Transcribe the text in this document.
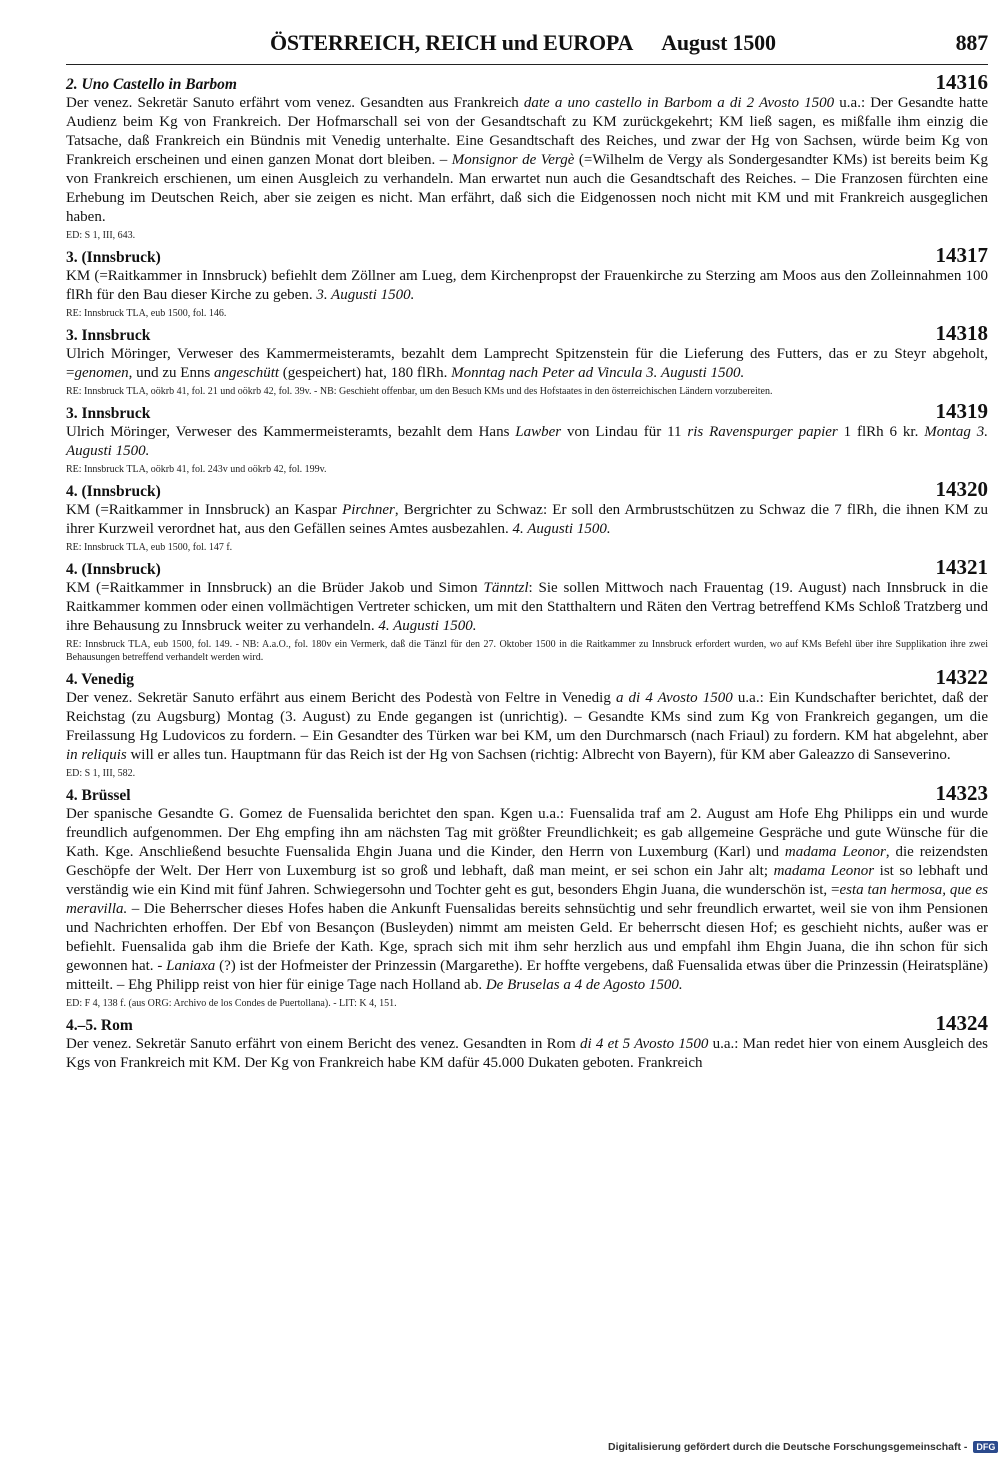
ÖSTERREICH, REICH und EUROPA August 1500	887
2. Uno Castello in Barbom	14316

Der venez. Sekretär Sanuto erfährt vom venez. Gesandten aus Frankreich date a uno castello in Barbom a di 2 Avosto 1500 u.a.: Der Gesandte hatte Audienz beim Kg von Frankreich. Der Hofmarschall sei von der Gesandtschaft zu KM zurückgekehrt; KM ließ sagen, es mißfalle ihm einzig die Tatsache, daß Frankreich ein Bündnis mit Venedig unterhalte. Eine Gesandtschaft des Reiches, und zwar der Hg von Sachsen, würde beim Kg von Frankreich erscheinen und einen ganzen Monat dort bleiben. – Monsignor de Vergè (=Wilhelm de Vergy als Sondergesandter KMs) ist bereits beim Kg von Frankreich erschienen, um einen Ausgleich zu verhandeln. Man erwartet nun auch die Gesandtschaft des Reiches. – Die Franzosen fürchten eine Erhebung im Deutschen Reich, aber sie zeigen es nicht. Man erfährt, daß sich die Eidgenossen noch nicht mit KM und mit Frankreich ausgeglichen haben.

ED: S 1, III, 643.
3. (Innsbruck)	14317

KM (=Raitkammer in Innsbruck) befiehlt dem Zöllner am Lueg, dem Kirchenpropst der Frauenkirche zu Sterzing am Moos aus den Zolleinnahmen 100 flRh für den Bau dieser Kirche zu geben. 3. Augusti 1500.

RE: Innsbruck TLA, eub 1500, fol. 146.
3. Innsbruck	14318

Ulrich Möringer, Verweser des Kammermeisteramts, bezahlt dem Lamprecht Spitzenstein für die Lieferung des Futters, das er zu Steyr abgeholt, =genomen, und zu Enns angeschütt (gespeichert) hat, 180 flRh. Monntag nach Peter ad Vincula 3. Augusti 1500.

RE: Innsbruck TLA, oökrb 41, fol. 21 und oökrb 42, fol. 39v. - NB: Geschieht offenbar, um den Besuch KMs und des Hofstaates in den österreichischen Ländern vorzubereiten.
3. Innsbruck	14319

Ulrich Möringer, Verweser des Kammermeisteramts, bezahlt dem Hans Lawber von Lindau für 11 ris Ravenspurger papier 1 flRh 6 kr. Montag 3. Augusti 1500.

RE: Innsbruck TLA, oökrb 41, fol. 243v und oökrb 42, fol. 199v.
4. (Innsbruck)	14320

KM (=Raitkammer in Innsbruck) an Kaspar Pirchner, Bergrichter zu Schwaz: Er soll den Armbrustschützen zu Schwaz die 7 flRh, die ihnen KM zu ihrer Kurzweil verordnet hat, aus den Gefällen seines Amtes ausbezahlen. 4. Augusti 1500.

RE: Innsbruck TLA, eub 1500, fol. 147 f.
4. (Innsbruck)	14321

KM (=Raitkammer in Innsbruck) an die Brüder Jakob und Simon Tänntzl: Sie sollen Mittwoch nach Frauentag (19. August) nach Innsbruck in die Raitkammer kommen oder einen vollmächtigen Vertreter schicken, um mit den Statthaltern und Räten den Vertrag betreffend KMs Schloß Tratzberg und ihre Behausung zu Innsbruck weiter zu verhandeln. 4. Augusti 1500.

RE: Innsbruck TLA, eub 1500, fol. 149. - NB: A.a.O., fol. 180v ein Vermerk, daß die Tänzl für den 27. Oktober 1500 in die Raitkammer zu Innsbruck erfordert wurden, wo auf KMs Befehl über ihre Supplikation ihre zwei Behausungen betreffend verhandelt werden wird.
4. Venedig	14322

Der venez. Sekretär Sanuto erfährt aus einem Bericht des Podestà von Feltre in Venedig a di 4 Avosto 1500 u.a.: Ein Kundschafter berichtet, daß der Reichstag (zu Augsburg) Montag (3. August) zu Ende gegangen ist (unrichtig). – Gesandte KMs sind zum Kg von Frankreich gegangen, um die Freilassung Hg Ludovicos zu fordern. – Ein Gesandter des Türken war bei KM, um den Durchmarsch (nach Friaul) zu fordern. KM hat abgelehnt, aber in reliquis will er alles tun. Hauptmann für das Reich ist der Hg von Sachsen (richtig: Albrecht von Bayern), für KM aber Galeazzo di Sanseverino.

ED: S 1, III, 582.
4. Brüssel	14323

Der spanische Gesandte G. Gomez de Fuensalida berichtet den span. Kgen u.a.: Fuensalida traf am 2. August am Hofe Ehg Philipps ein und wurde freundlich aufgenommen. Der Ehg empfing ihn am nächsten Tag mit größter Freundlichkeit; es gab allgemeine Gespräche und gute Wünsche für die Kath. Kge. Anschließend besuchte Fuensalida Ehgin Juana und die Kinder, den Herrn von Luxemburg (Karl) und madama Leonor, die reizendsten Geschöpfe der Welt. Der Herr von Luxemburg ist so groß und lebhaft, daß man meint, er sei schon ein Jahr alt; madama Leonor ist so lebhaft und verständig wie ein Kind mit fünf Jahren. Schwiegersohn und Tochter geht es gut, besonders Ehgin Juana, die wunderschön ist, =esta tan hermosa, que es meravilla. – Die Beherrscher dieses Hofes haben die Ankunft Fuensalidas bereits sehnsüchtig und sehr freundlich erwartet, weil sie von ihm Pensionen und Nachrichten erhoffen. Der Ebf von Besançon (Busleyden) nimmt am meisten Geld. Er beherrscht diesen Hof; es geschieht nichts, außer was er befiehlt. Fuensalida gab ihm die Briefe der Kath. Kge, sprach sich mit ihm sehr herzlich aus und empfahl ihm Ehgin Juana, die ihn schon für sich gewonnen hat. - Laniaxa (?) ist der Hofmeister der Prinzessin (Margarethe). Er hoffte vergebens, daß Fuensalida etwas über die Prinzessin (Heiratspläne) mitteilt. – Ehg Philipp reist von hier für einige Tage nach Holland ab. De Bruselas a 4 de Agosto 1500.

ED: F 4, 138 f. (aus ORG: Archivo de los Condes de Puertollana). - LIT: K 4, 151.
4.–5. Rom	14324

Der venez. Sekretär Sanuto erfährt von einem Bericht des venez. Gesandten in Rom di 4 et 5 Avosto 1500 u.a.: Man redet hier von einem Ausgleich des Kgs von Frankreich mit KM. Der Kg von Frankreich habe KM dafür 45.000 Dukaten geboten. Frankreich

Digitalisierung gefördert durch die Deutsche Forschungsgemeinschaft -	DFG
